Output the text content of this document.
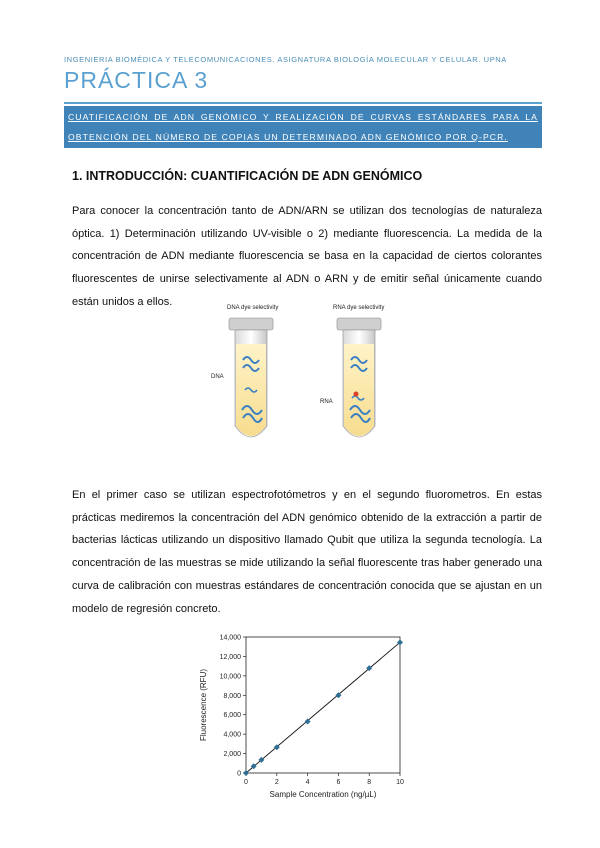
INGENIERIA BIOMÉDICA Y TELECOMUNICACIONES. ASIGNATURA BIOLOGÍA MOLECULAR Y CELULAR. UPNA
PRÁCTICA 3
CUATIFICACIÓN DE ADN GENÓMICO Y REALIZACIÓN DE CURVAS ESTÁNDARES PARA LA OBTENCIÓN DEL NÚMERO DE COPIAS UN DETERMINADO ADN GENÓMICO POR Q-PCR.
1. INTRODUCCIÓN: CUANTIFICACIÓN DE ADN GENÓMICO
Para conocer la concentración tanto de ADN/ARN se utilizan dos tecnologías de naturaleza óptica. 1) Determinación utilizando UV-visible o 2) mediante fluorescencia. La medida de la concentración de ADN mediante fluorescencia se basa en la capacidad de ciertos colorantes fluorescentes de unirse selectivamente al ADN o ARN y de emitir señal únicamente cuando están unidos a ellos.
DNA dye selectivity	RNA dye selectivity
DNA
RNA
En el primer caso se utilizan espectrofotómetros y en el segundo fluorometros. En estas prácticas mediremos la concentración del ADN genómico obtenido de la extracción a partir de bacterias lácticas utilizando un dispositivo llamado Qubit que utiliza la segunda tecnología. La concentración de las muestras se mide utilizando la señal fluorescente tras haber generado una curva de calibración con muestras estándares de concentración conocida que se ajustan en un modelo de regresión concreto.
0	2	4	6	8	10
0
2,000
4,000
6,000
8,000
10,000
12,000
14,000
Sample Concentration (ng/µL)
Fluorescence (RFU)
